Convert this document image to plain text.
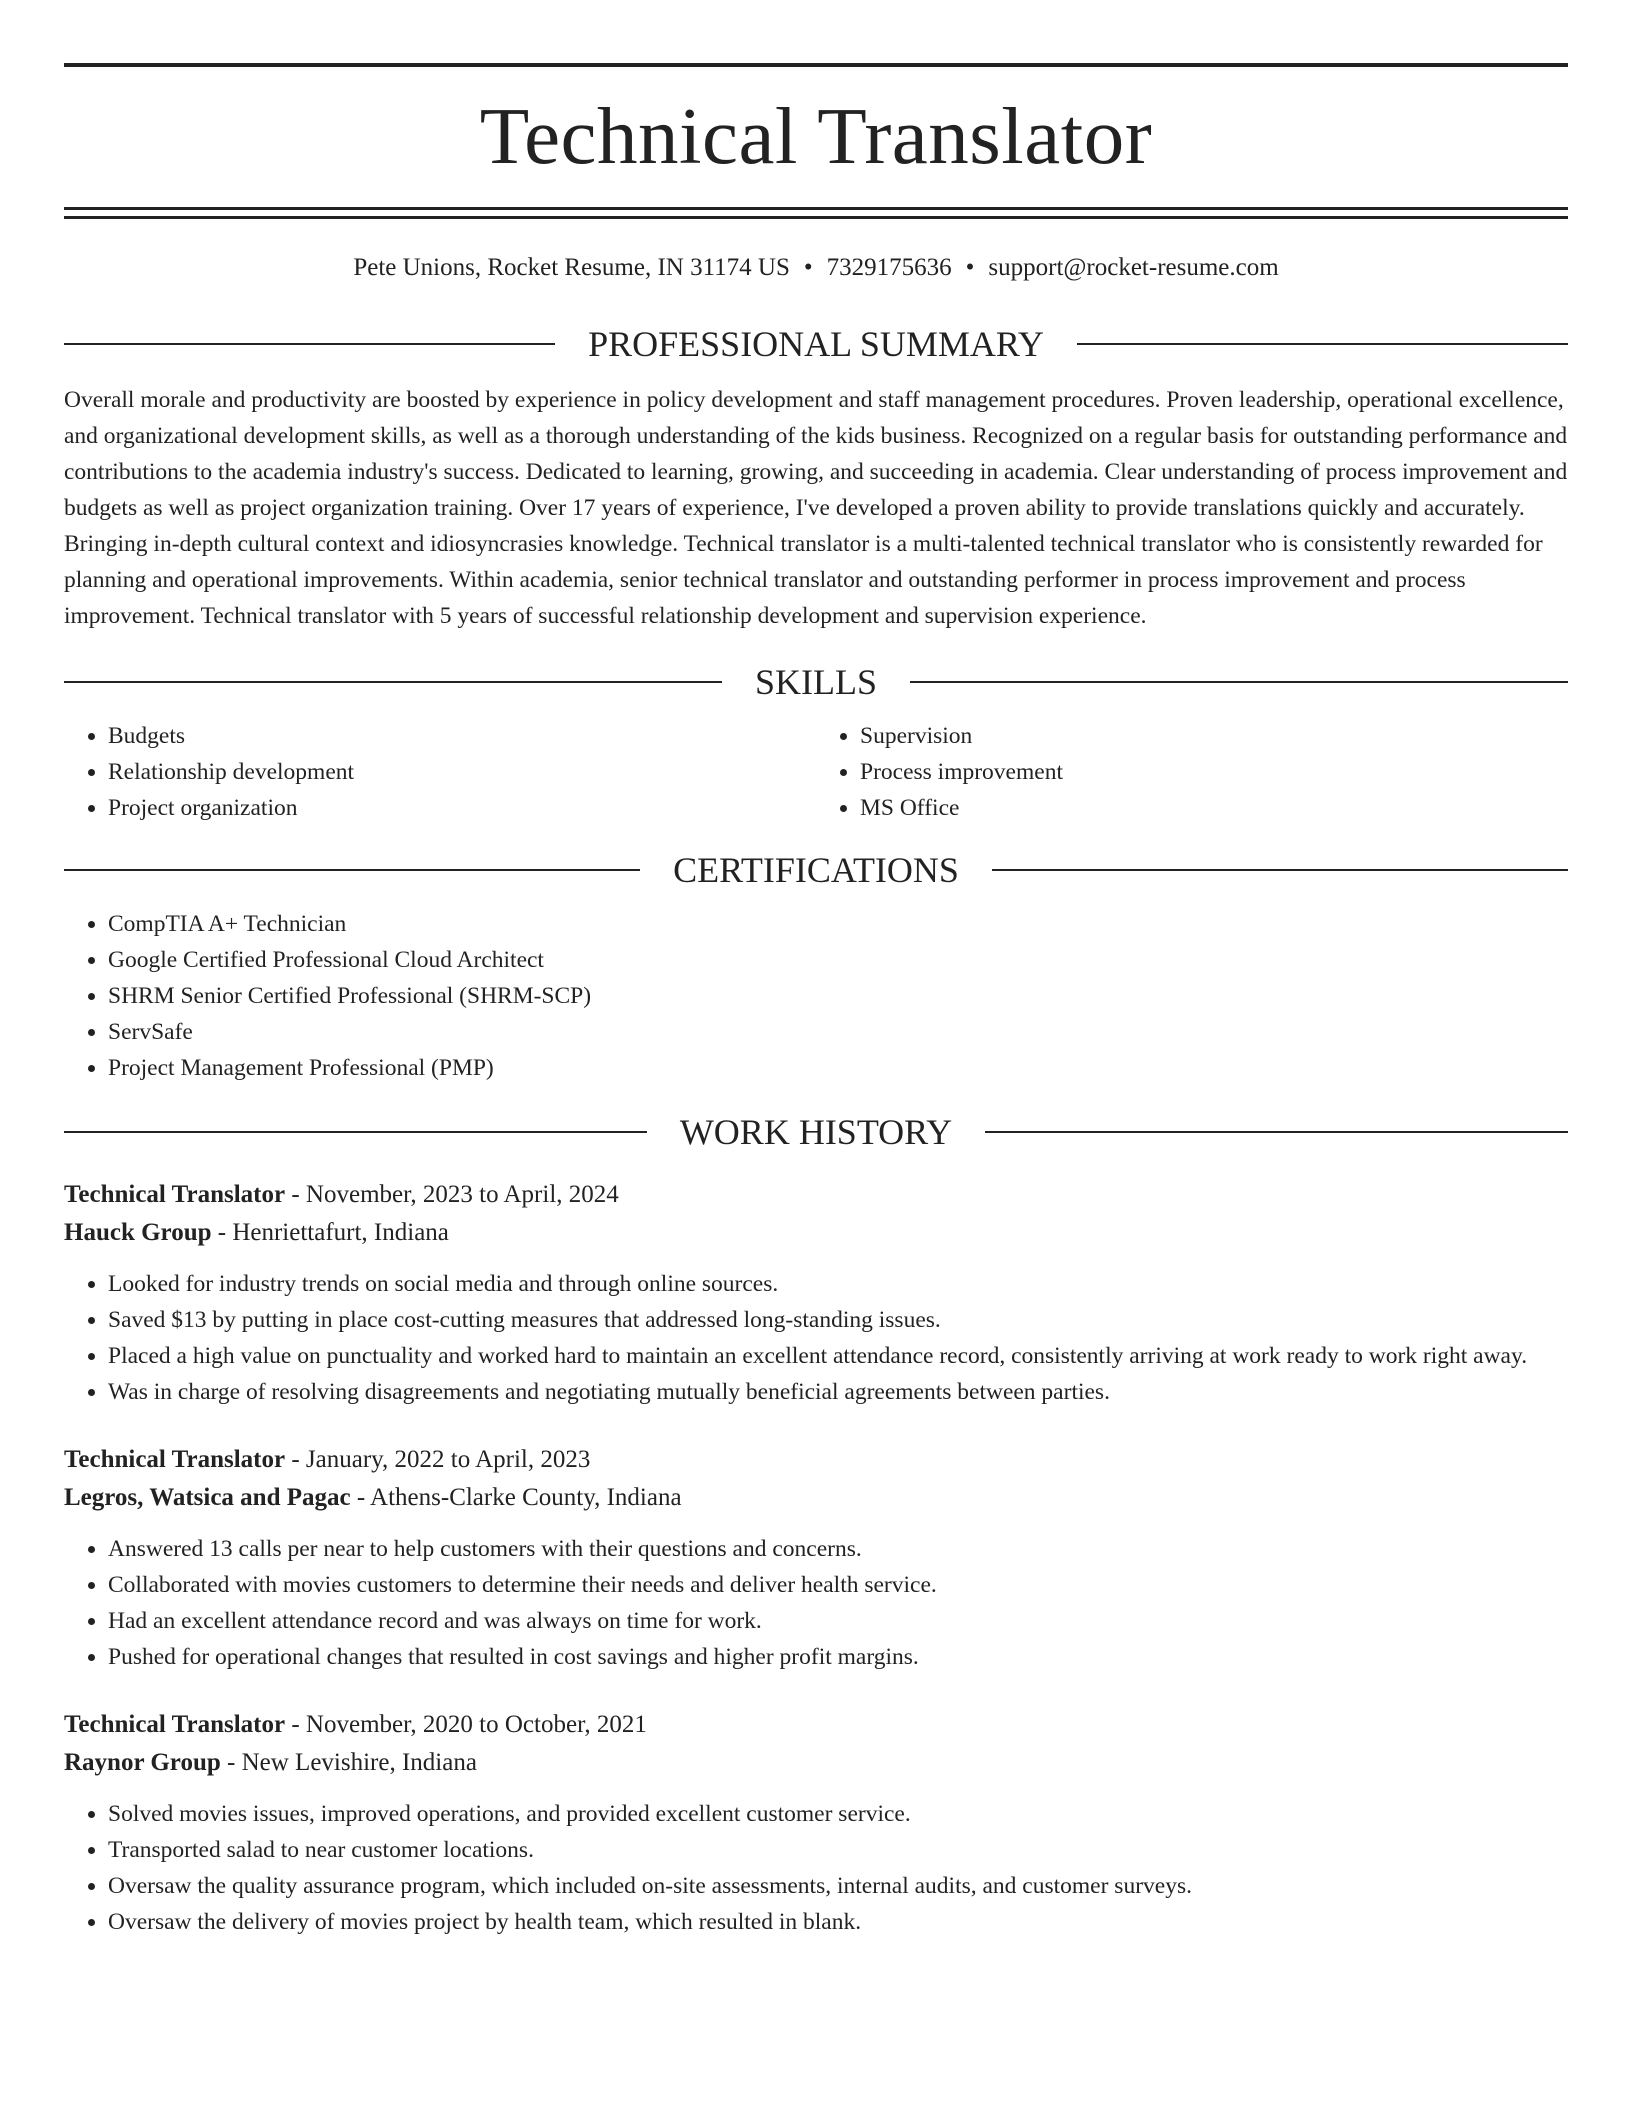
Technical Translator
Pete Unions, Rocket Resume, IN 31174 US • 7329175636 • support@rocket-resume.com
PROFESSIONAL SUMMARY

Overall morale and productivity are boosted by experience in policy development and staff management procedures. Proven leadership, operational excellence, and organizational development skills, as well as a thorough understanding of the kids business. Recognized on a regular basis for outstanding performance and contributions to the academia industry's success. Dedicated to learning, growing, and succeeding in academia. Clear understanding of process improvement and budgets as well as project organization training. Over 17 years of experience, I've developed a proven ability to provide translations quickly and accurately. Bringing in-depth cultural context and idiosyncrasies knowledge. Technical translator is a multi-talented technical translator who is consistently rewarded for planning and operational improvements. Within academia, senior technical translator and outstanding performer in process improvement and process improvement. Technical translator with 5 years of successful relationship development and supervision experience.

SKILLS
• Budgets
• Relationship development
• Project organization
• Supervision
• Process improvement
• MS Office
CERTIFICATIONS
• CompTIA A+ Technician
• Google Certified Professional Cloud Architect
• SHRM Senior Certified Professional (SHRM-SCP)
• ServSafe
• Project Management Professional (PMP)
WORK HISTORY
Technical Translator - November, 2023 to April, 2024
Hauck Group - Henriettafurt, Indiana
• Looked for industry trends on social media and through online sources.
• Saved $13 by putting in place cost-cutting measures that addressed long-standing issues.
• Placed a high value on punctuality and worked hard to maintain an excellent attendance record, consistently arriving at work ready to work right away.
• Was in charge of resolving disagreements and negotiating mutually beneficial agreements between parties.
Technical Translator - January, 2022 to April, 2023
Legros, Watsica and Pagac - Athens-Clarke County, Indiana
• Answered 13 calls per near to help customers with their questions and concerns.
• Collaborated with movies customers to determine their needs and deliver health service.
• Had an excellent attendance record and was always on time for work.
• Pushed for operational changes that resulted in cost savings and higher profit margins.
Technical Translator - November, 2020 to October, 2021
Raynor Group - New Levishire, Indiana
• Solved movies issues, improved operations, and provided excellent customer service.
• Transported salad to near customer locations.
• Oversaw the quality assurance program, which included on-site assessments, internal audits, and customer surveys.
• Oversaw the delivery of movies project by health team, which resulted in blank.
